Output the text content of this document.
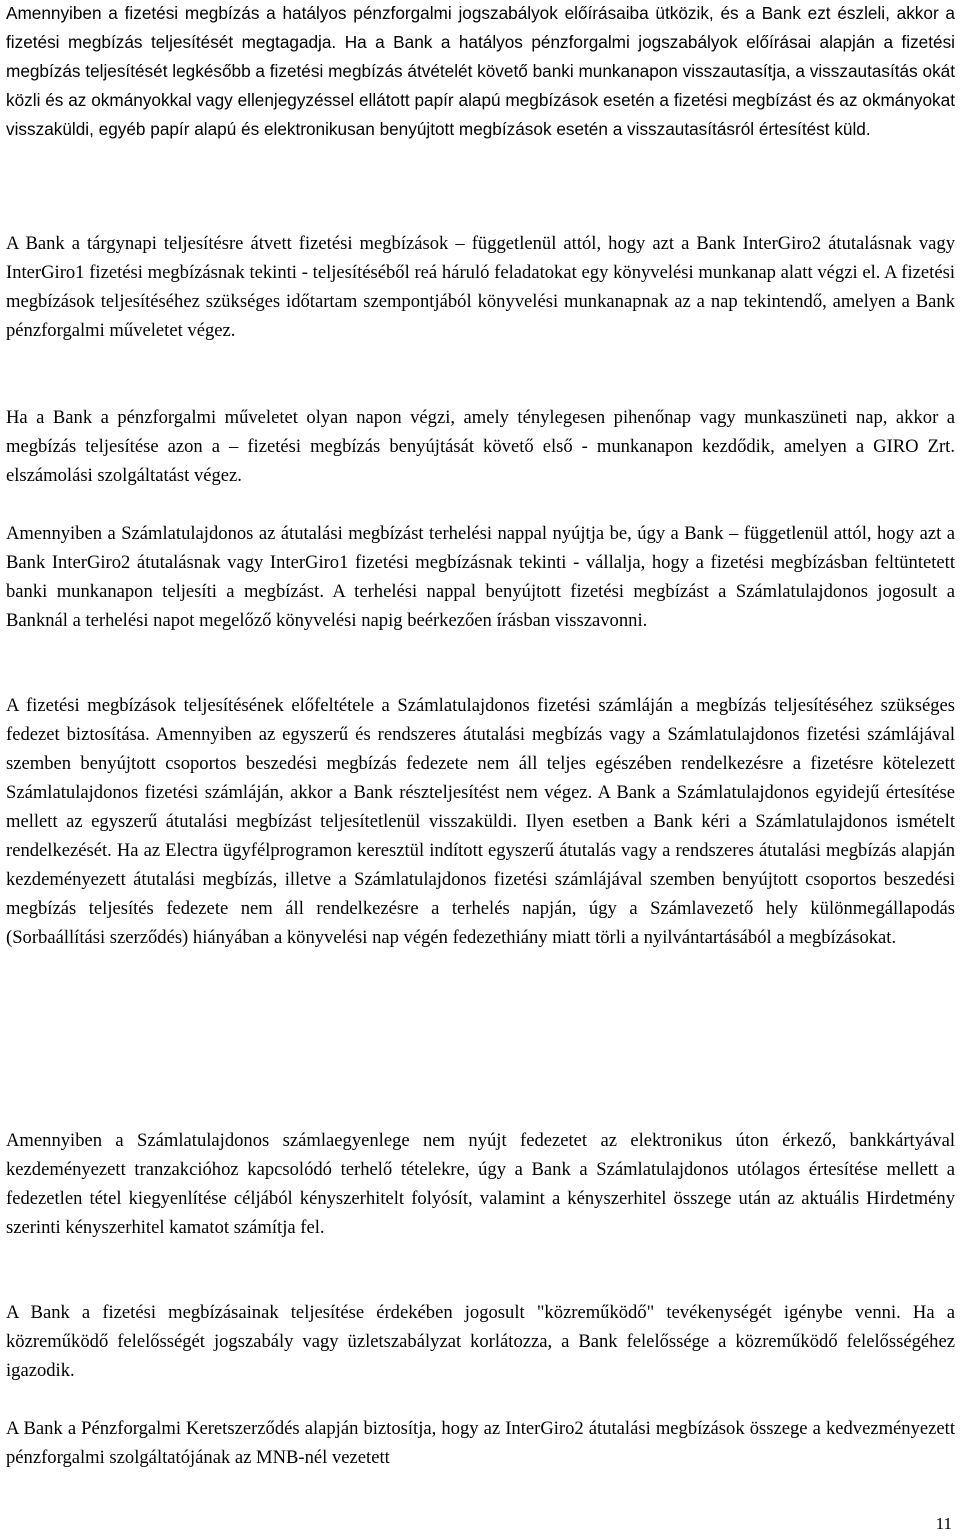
Amennyiben a fizetési megbízás a hatályos pénzforgalmi jogszabályok előírásaiba ütközik, és a Bank ezt észleli, akkor a fizetési megbízás teljesítését megtagadja. Ha a Bank a hatályos pénzforgalmi jogszabályok előírásai alapján a fizetési megbízás teljesítését legkésőbb a fizetési megbízás átvételét követő banki munkanapon visszautasítja, a visszautasítás okát közli és az okmányokkal vagy ellenjegyzéssel ellátott papír alapú megbízások esetén a fizetési megbízást és az okmányokat visszaküldi, egyéb papír alapú és elektronikusan benyújtott megbízások esetén a visszautasításról értesítést küld.

A Bank a tárgynapi teljesítésre átvett fizetési megbízások – függetlenül attól, hogy azt a Bank InterGiro2 átutalásnak vagy InterGiro1 fizetési megbízásnak tekinti - teljesítéséből reá háruló feladatokat egy könyvelési munkanap alatt végzi el. A fizetési megbízások teljesítéséhez szükséges időtartam szempontjából könyvelési munkanapnak az a nap tekintendő, amelyen a Bank pénzforgalmi műveletet végez.

Ha a Bank a pénzforgalmi műveletet olyan napon végzi, amely ténylegesen pihenőnap vagy munkaszüneti nap, akkor a megbízás teljesítése azon a – fizetési megbízás benyújtását követő első - munkanapon kezdődik, amelyen a GIRO Zrt. elszámolási szolgáltatást végez.

Amennyiben a Számlatulajdonos az átutalási megbízást terhelési nappal nyújtja be, úgy a Bank – függetlenül attól, hogy azt a Bank InterGiro2 átutalásnak vagy InterGiro1 fizetési megbízásnak tekinti - vállalja, hogy a fizetési megbízásban feltüntetett banki munkanapon teljesíti a megbízást. A terhelési nappal benyújtott fizetési megbízást a Számlatulajdonos jogosult a Banknál a terhelési napot megelőző könyvelési napig beérkezően írásban visszavonni.

A fizetési megbízások teljesítésének előfeltétele a Számlatulajdonos fizetési számláján a megbízás teljesítéséhez szükséges fedezet biztosítása. Amennyiben az egyszerű és rendszeres átutalási megbízás vagy a Számlatulajdonos fizetési számlájával szemben benyújtott csoportos beszedési megbízás fedezete nem áll teljes egészében rendelkezésre a fizetésre kötelezett Számlatulajdonos fizetési számláján, akkor a Bank részteljesítést nem végez. A Bank a Számlatulajdonos egyidejű értesítése mellett az egyszerű átutalási megbízást teljesítetlenül visszaküldi. Ilyen esetben a Bank kéri a Számlatulajdonos ismételt rendelkezését. Ha az Electra ügyfélprogramon keresztül indított egyszerű átutalás vagy a rendszeres átutalási megbízás alapján kezdeményezett átutalási megbízás, illetve a Számlatulajdonos fizetési számlájával szemben benyújtott csoportos beszedési megbízás teljesítés fedezete nem áll rendelkezésre a terhelés napján, úgy a Számlavezető hely különmegállapodás (Sorbaállítási szerződés) hiányában a könyvelési nap végén fedezethiány miatt törli a nyilvántartásából a megbízásokat.

Amennyiben a Számlatulajdonos számlaegyenlege nem nyújt fedezetet az elektronikus úton érkező, bankkártyával kezdeményezett tranzakcióhoz kapcsolódó terhelő tételekre, úgy a Bank a Számlatulajdonos utólagos értesítése mellett a fedezetlen tétel kiegyenlítése céljából kényszerhitelt folyósít, valamint a kényszerhitel összege után az aktuális Hirdetmény szerinti kényszerhitel kamatot számítja fel.

A Bank a fizetési megbízásainak teljesítése érdekében jogosult "közreműködő" tevékenységét igénybe venni. Ha a közreműködő felelősségét jogszabály vagy üzletszabályzat korlátozza, a Bank felelőssége a közreműködő felelősségéhez igazodik.

A Bank a Pénzforgalmi Keretszerződés alapján biztosítja, hogy az InterGiro2 átutalási megbízások összege a kedvezményezett pénzforgalmi szolgáltatójának az MNB-nél vezetett

11
